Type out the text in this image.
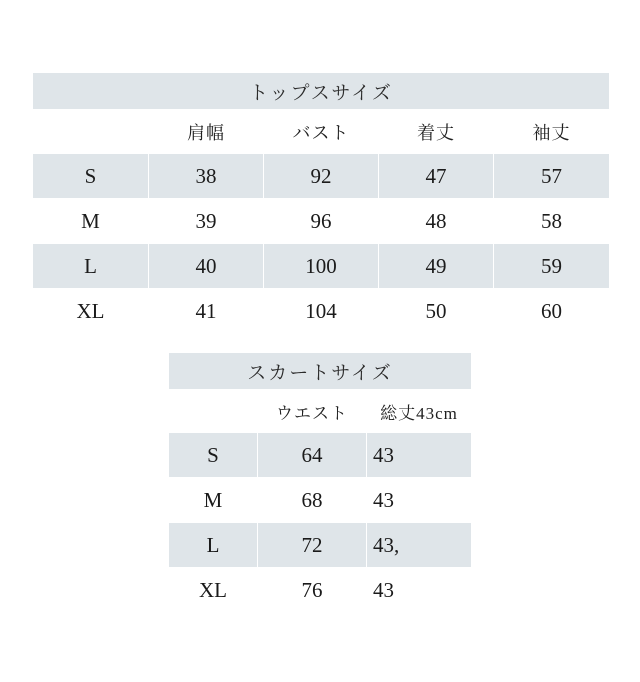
トップスサイズ				
	肩幅	バスト	着丈	袖丈
S	38	92	47	57
M	39	96	48	58
L	40	100	49	59
XL	41	104	50	60
スカートサイズ		
	ウエスト	総丈43cm
S	64	43
M	68	43
L	72	43,
XL	76	43
